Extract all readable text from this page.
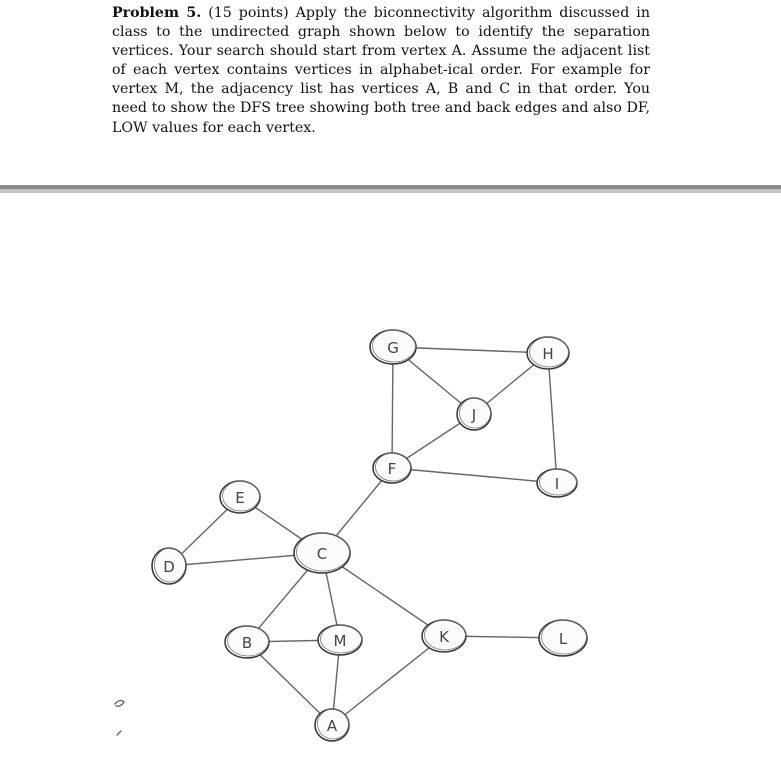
Problem 5. (15 points) Apply the biconnectivity algorithm discussed in class to the undirected graph shown below to identify the separation vertices. Your search should start from vertex A. Assume the adjacent list of each vertex contains vertices in alphabet-ical order. For example for vertex M, the adjacency list has vertices A, B and C in that order. You need to show the DFS tree showing both tree and back edges and also DF, LOW values for each vertex.
G	H
J
F
I
E
D
C
B	M	K	L
A
